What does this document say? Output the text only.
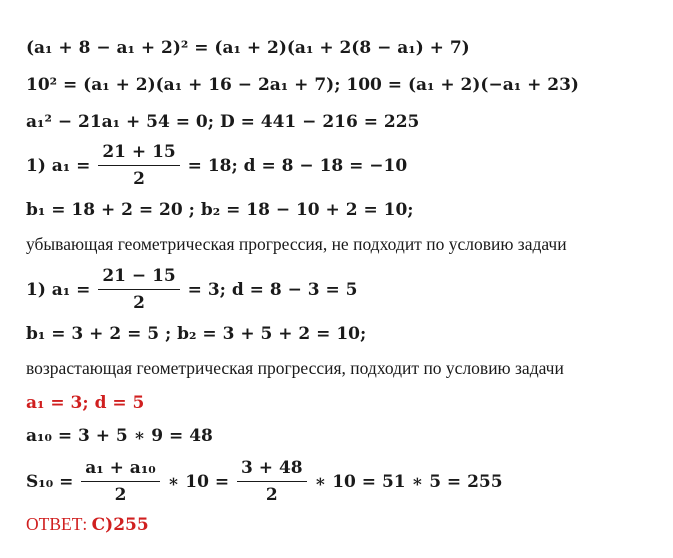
(a₁ + 8 − a₁ + 2)² = (a₁ + 2)(a₁ + 2(8 − a₁) + 7)
10² = (a₁ + 2)(a₁ + 16 − 2a₁ + 7); 100 = (a₁ + 2)(−a₁ + 23)
a₁² − 21a₁ + 54 = 0; D = 441 − 216 = 225
1) $a_1 = \frac{21 + 15}{2} = 18$; d = 8 − 18 = −10
b₁ = 18 + 2 = 20 ; b₂ = 18 − 10 + 2 = 10;
убывающая геометрическая прогрессия, не подходит по условию задачи
1) $a_1 = \frac{21 - 15}{2} = 3$; d = 8 − 3 = 5
b₁ = 3 + 2 = 5 ; b₂ = 3 + 5 + 2 = 10;
возрастающая геометрическая прогрессия, подходит по условию задачи
a₁ = 3; d = 5
a₁₀ = 3 + 5 ∗ 9 = 48
$S_{10} = \frac{\text{a₁ + a₁₀}}{2}$ ∗ $10 = \frac{3 + 48}{2}$ ∗ 10 = 51 ∗ 5 = 255
ОТВЕТ: C)255
